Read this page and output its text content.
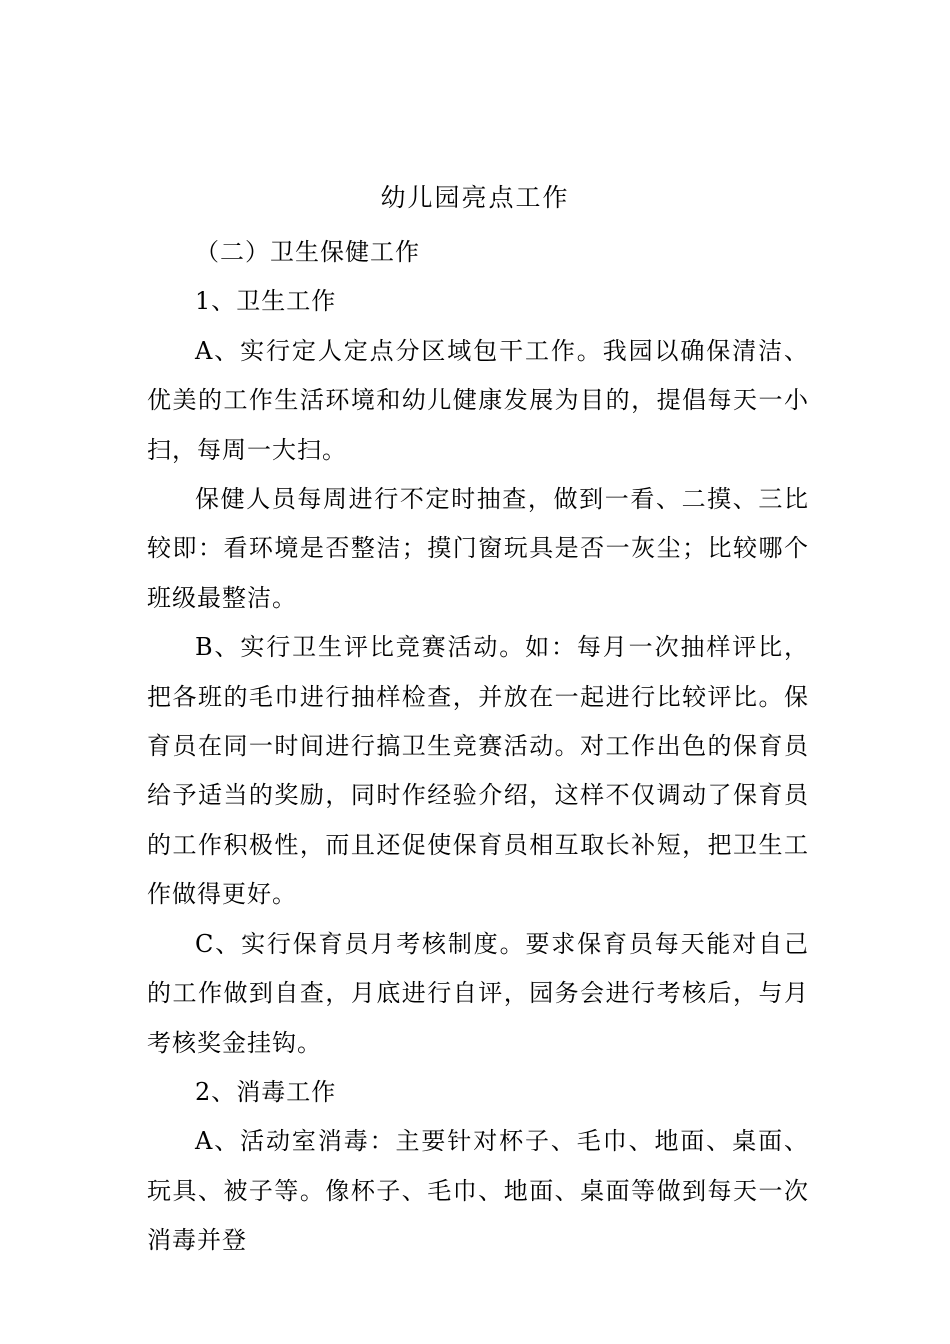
幼儿园亮点工作

（二）卫生保健工作

1、卫生工作

A、实行定人定点分区域包干工作。我园以确保清洁、优美的工作生活环境和幼儿健康发展为目的，提倡每天一小扫，每周一大扫。

保健人员每周进行不定时抽查，做到一看、二摸、三比较即：看环境是否整洁；摸门窗玩具是否一灰尘；比较哪个班级最整洁。

B、实行卫生评比竞赛活动。如：每月一次抽样评比，把各班的毛巾进行抽样检查，并放在一起进行比较评比。保育员在同一时间进行搞卫生竞赛活动。对工作出色的保育员给予适当的奖励，同时作经验介绍，这样不仅调动了保育员的工作积极性，而且还促使保育员相互取长补短，把卫生工作做得更好。

C、实行保育员月考核制度。要求保育员每天能对自己的工作做到自查，月底进行自评，园务会进行考核后，与月考核奖金挂钩。

2、消毒工作

A、活动室消毒：主要针对杯子、毛巾、地面、桌面、玩具、被子等。像杯子、毛巾、地面、桌面等做到每天一次消毒并登
